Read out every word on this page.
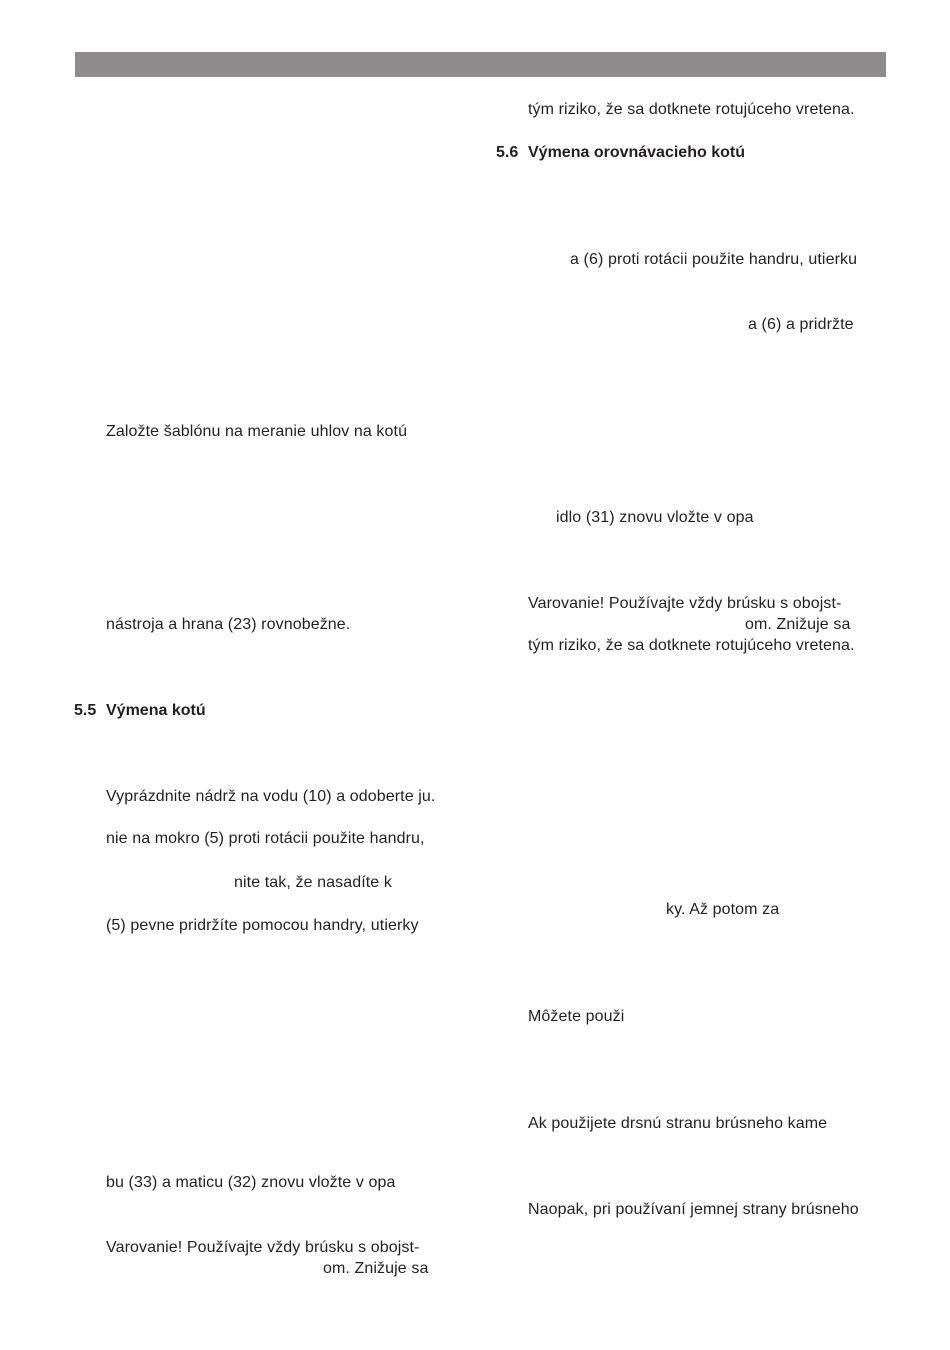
tým riziko, že sa dotknete rotujúceho vretena.
5.6 Výmena orovnávacieho kotú
a (6) proti rotácii použite handru, utierku
a (6) a pridržte
idlo (31) znovu vložte v opa
Varovanie! Používajte vždy brúsku s obojst-
om. Znižuje sa
tým riziko, že sa dotknete rotujúceho vretena.
ky. Až potom za
Môžete použi
Ak použijete drsnú stranu brúsneho kame
Naopak, pri používaní jemnej strany brúsneho
Založte šablónu na meranie uhlov na kotú
nástroja a hrana (23) rovnobežne.
5.5 Výmena kotú
Vyprázdnite nádrž na vodu (10) a odoberte ju.
nie na mokro (5) proti rotácii použite handru,
nite tak, že nasadíte k
(5) pevne pridržíte pomocou handry, utierky
bu (33) a maticu (32) znovu vložte v opa
Varovanie! Používajte vždy brúsku s obojst-
om. Znižuje sa
